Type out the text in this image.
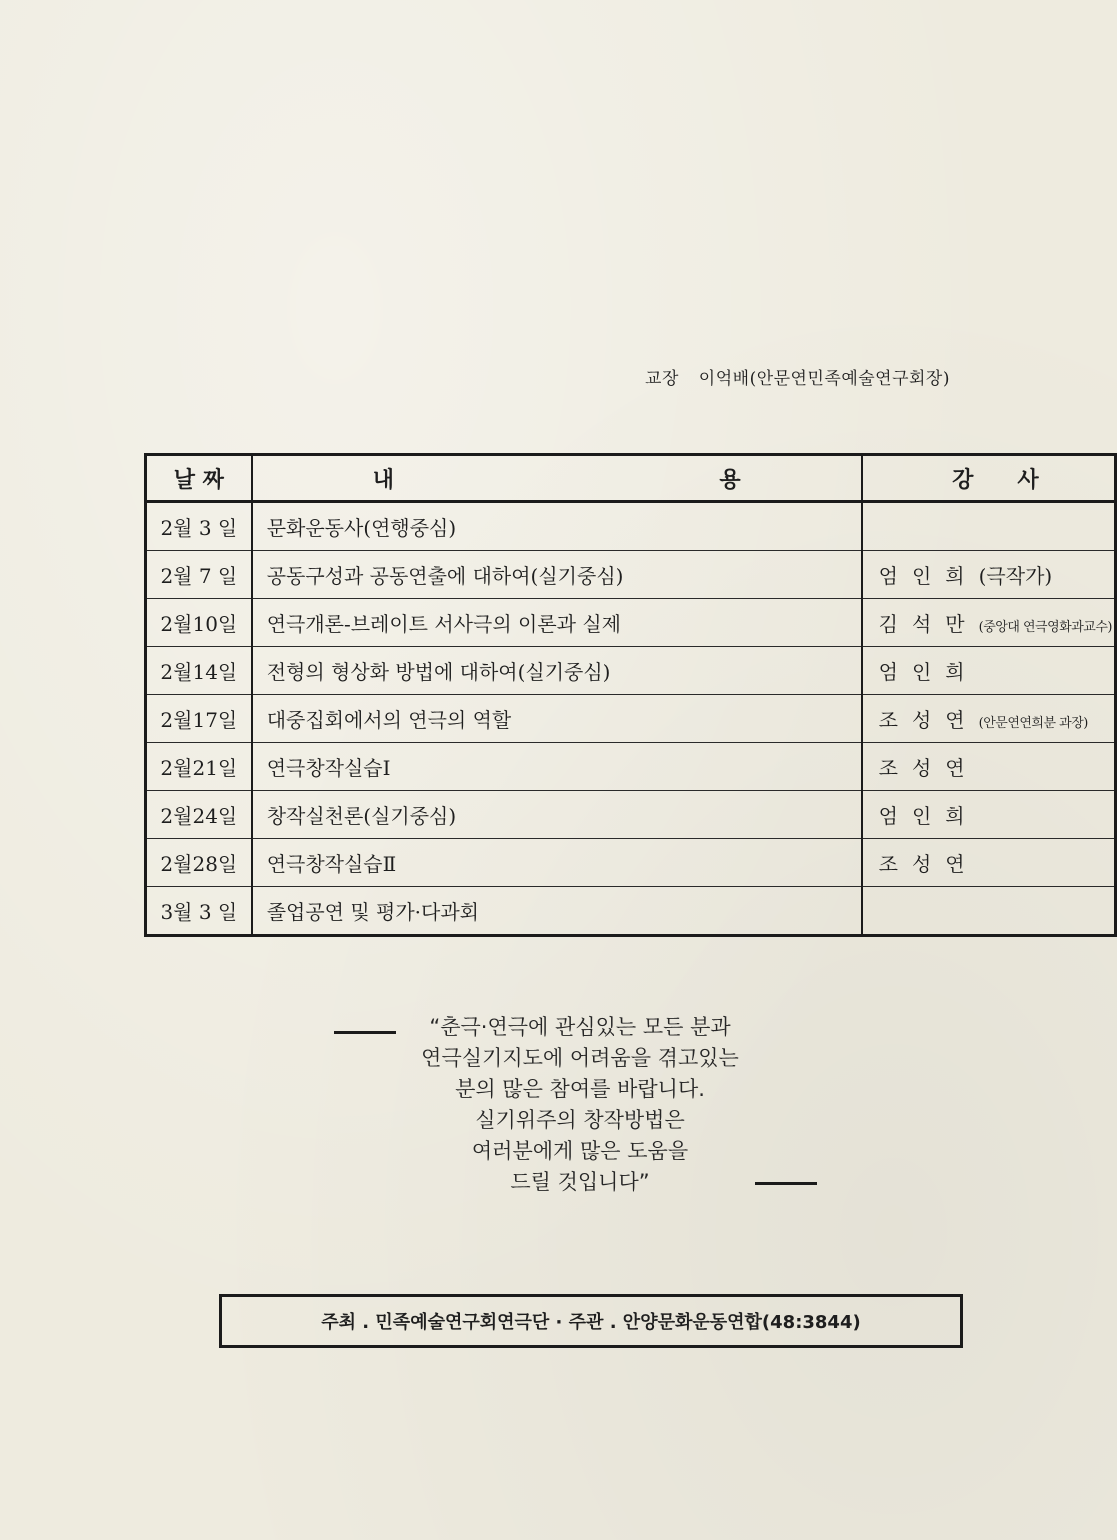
교장 이억배(안문연민족예술연구회장)
날 짜	내 용	강 사

2월 3 일	문화운동사(연행중심)	
2월 7 일	공동구성과 공동연출에 대하여(실기중심)	엄인희(극작가)
2월10일	연극개론-브레이트 서사극의 이론과 실제	김석만(중앙대 연극영화과교수)
2월14일	전형의 형상화 방법에 대하여(실기중심)	엄인희
2월17일	대중집회에서의 연극의 역할	조성연(안문연연희분 과장)
2월21일	연극창작실습Ⅰ	조성연
2월24일	창작실천론(실기중심)	엄인희
2월28일	연극창작실습Ⅱ	조성연
3월 3 일	졸업공연 및 평가·다과회	
“춘극·연극에 관심있는 모든 분과
연극실기지도에 어려움을 겪고있는
분의 많은 참여를 바랍니다.
실기위주의 창작방법은
여러분에게 많은 도움을
드릴 것입니다”
주최 . 민족예술연구회연극단 · 주관 . 안양문화운동연합(48:3844)
